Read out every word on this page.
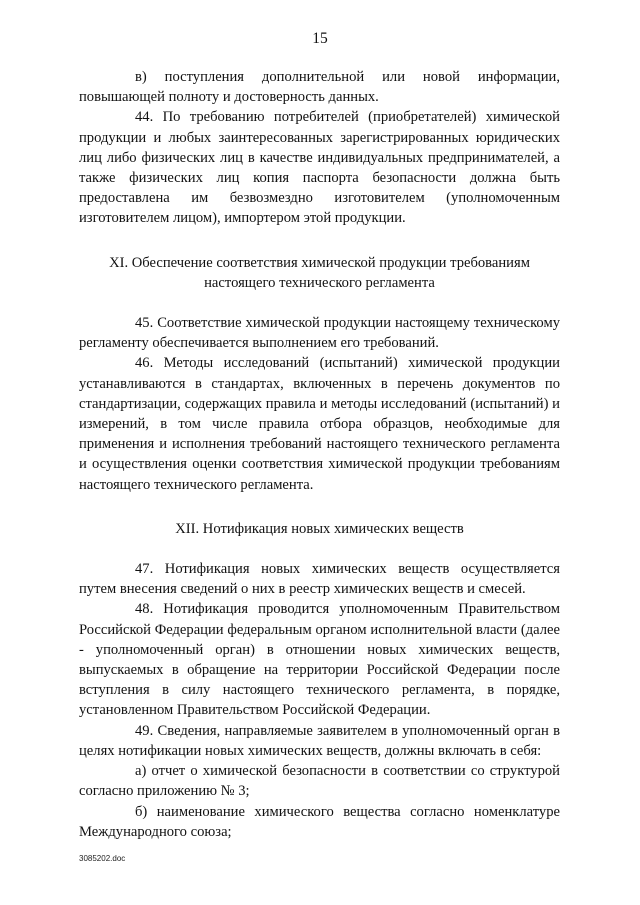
15

в) поступления дополнительной или новой информации, повышающей полноту и достоверность данных.

44. По требованию потребителей (приобретателей) химической продукции и любых заинтересованных зарегистрированных юридических лиц либо физических лиц в качестве индивидуальных предпринимателей, а также физических лиц копия паспорта безопасности должна быть предоставлена им безвозмездно изготовителем (уполномоченным изготовителем лицом), импортером этой продукции.

XI. Обеспечение соответствия химической продукции требованиям
настоящего технического регламента

45. Соответствие химической продукции настоящему техническому регламенту обеспечивается выполнением его требований.

46. Методы исследований (испытаний) химической продукции устанавливаются в стандартах, включенных в перечень документов по стандартизации, содержащих правила и методы исследований (испытаний) и измерений, в том числе правила отбора образцов, необходимые для применения и исполнения требований настоящего технического регламента и осуществления оценки соответствия химической продукции требованиям настоящего технического регламента.

XII. Нотификация новых химических веществ

47. Нотификация новых химических веществ осуществляется путем внесения сведений о них в реестр химических веществ и смесей.

48. Нотификация проводится уполномоченным Правительством Российской Федерации федеральным органом исполнительной власти (далее - уполномоченный орган) в отношении новых химических веществ, выпускаемых в обращение на территории Российской Федерации после вступления в силу настоящего технического регламента, в порядке, установленном Правительством Российской Федерации.

49. Сведения, направляемые заявителем в уполномоченный орган в целях нотификации новых химических веществ, должны включать в себя:

а) отчет о химической безопасности в соответствии со структурой согласно приложению № 3;

б) наименование химического вещества согласно номенклатуре Международного союза;

3085202.doc
